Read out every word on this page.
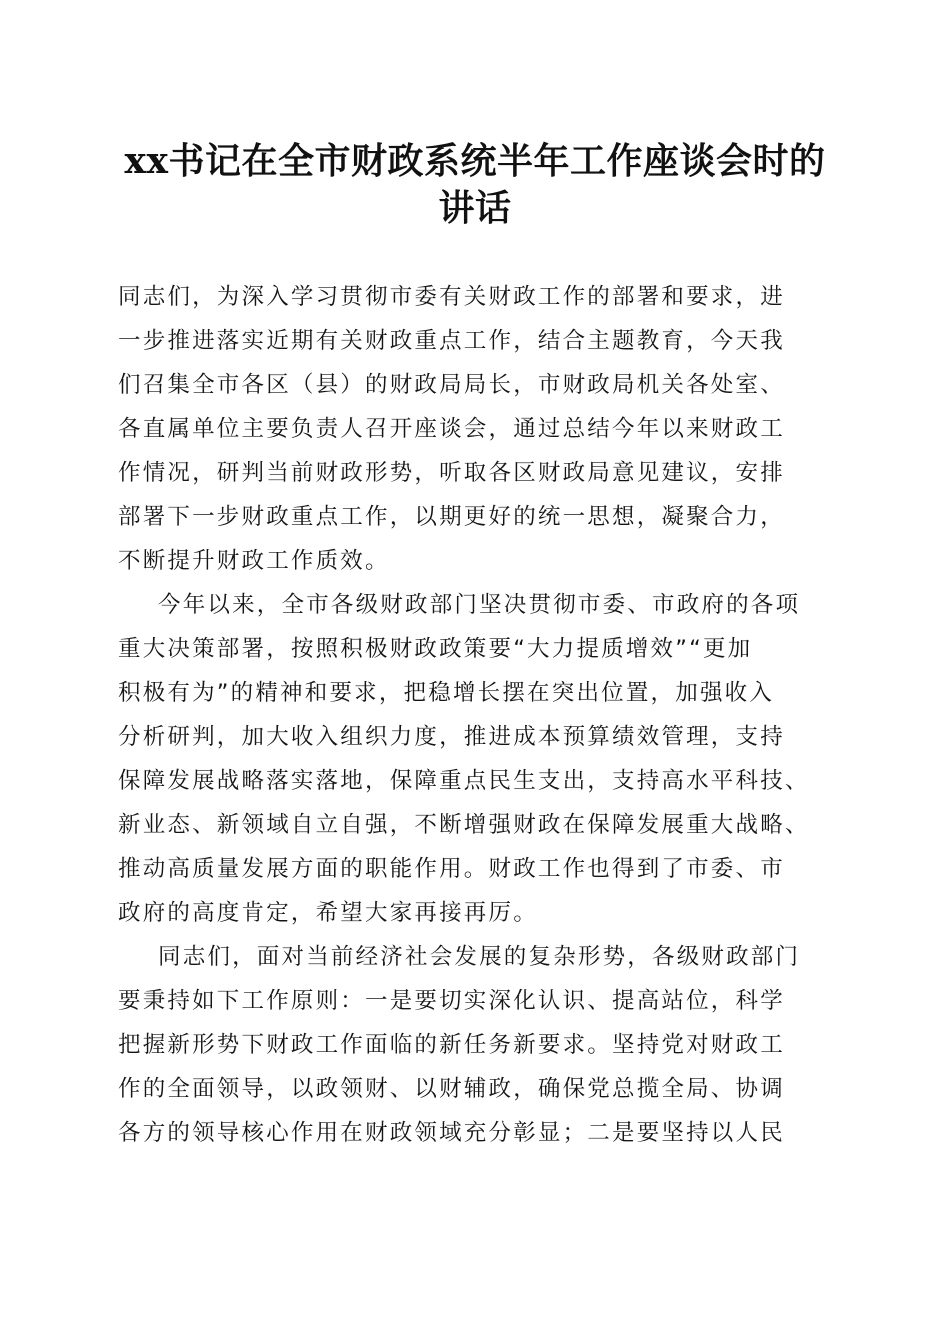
xx书记在全市财政系统半年工作座谈会时的
讲话
同志们，为深入学习贯彻市委有关财政工作的部署和要求，进
一步推进落实近期有关财政重点工作，结合主题教育，今天我
们召集全市各区（县）的财政局局长，市财政局机关各处室、
各直属单位主要负责人召开座谈会，通过总结今年以来财政工
作情况，研判当前财政形势，听取各区财政局意见建议，安排
部署下一步财政重点工作，以期更好的统一思想，凝聚合力，
不断提升财政工作质效。
今年以来，全市各级财政部门坚决贯彻市委、市政府的各项
重大决策部署，按照积极财政政策要“大力提质增效”“更加
积极有为”的精神和要求，把稳增长摆在突出位置，加强收入
分析研判，加大收入组织力度，推进成本预算绩效管理，支持
保障发展战略落实落地，保障重点民生支出，支持高水平科技、
新业态、新领域自立自强，不断增强财政在保障发展重大战略、
推动高质量发展方面的职能作用。财政工作也得到了市委、市
政府的高度肯定，希望大家再接再厉。
同志们，面对当前经济社会发展的复杂形势，各级财政部门
要秉持如下工作原则：一是要切实深化认识、提高站位，科学
把握新形势下财政工作面临的新任务新要求。坚持党对财政工
作的全面领导，以政领财、以财辅政，确保党总揽全局、协调
各方的领导核心作用在财政领域充分彰显；二是要坚持以人民
